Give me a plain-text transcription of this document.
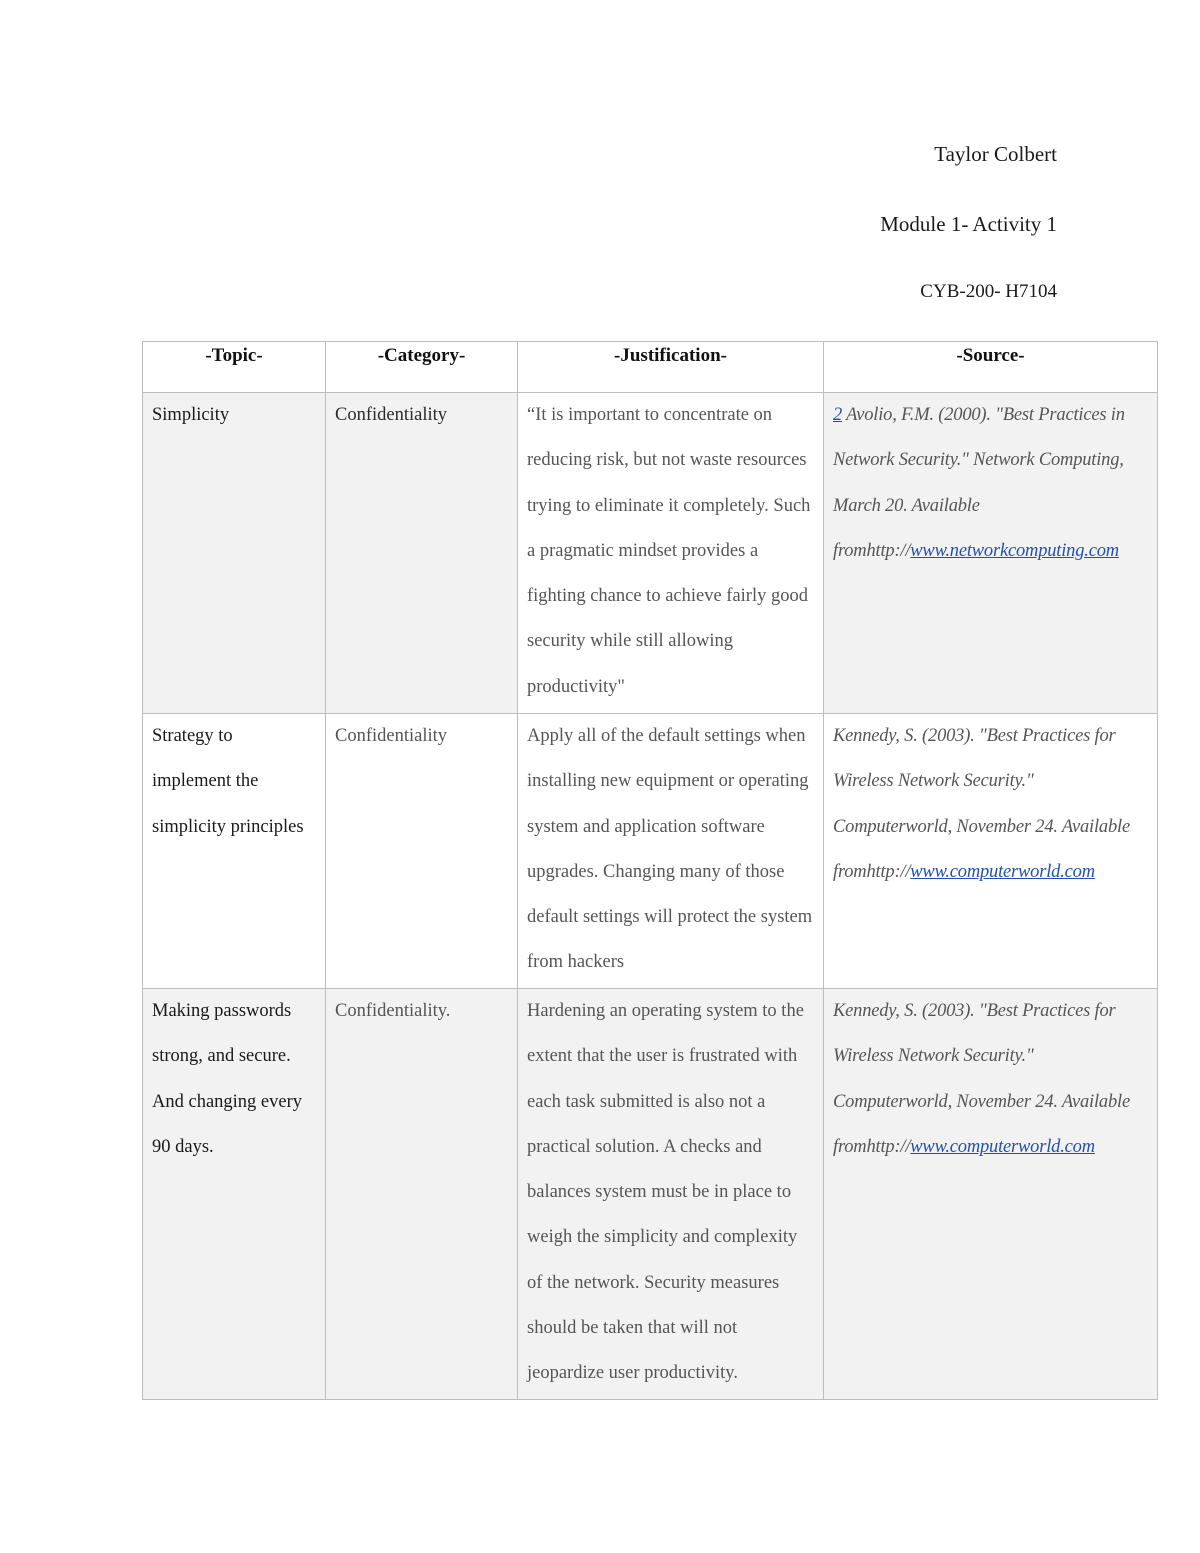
Taylor Colbert
Module 1- Activity 1
CYB-200- H7104
-Topic-	-Category-	-Justification-	-Source-
Simplicity	Confidentiality	“It is important to concentrate on reducing risk, but not waste resources trying to eliminate it completely. Such a pragmatic mindset provides a fighting chance to achieve fairly good security while still allowing productivity"	2 Avolio, F.M. (2000). "Best Practices in Network Security." Network Computing, March 20. Available fromhttp://www.networkcomputing.com
Strategy to implement the simplicity principles	Confidentiality	Apply all of the default settings when installing new equipment or operating system and application software upgrades. Changing many of those default settings will protect the system from hackers	Kennedy, S. (2003). "Best Practices for Wireless Network Security." Computerworld, November 24. Available fromhttp://www.computerworld.com
Making passwords strong, and secure. And changing every 90 days.	Confidentiality.	Hardening an operating system to the extent that the user is frustrated with each task submitted is also not a practical solution. A checks and balances system must be in place to weigh the simplicity and complexity of the network. Security measures should be taken that will not jeopardize user productivity.	Kennedy, S. (2003). "Best Practices for Wireless Network Security." Computerworld, November 24. Available fromhttp://www.computerworld.com
